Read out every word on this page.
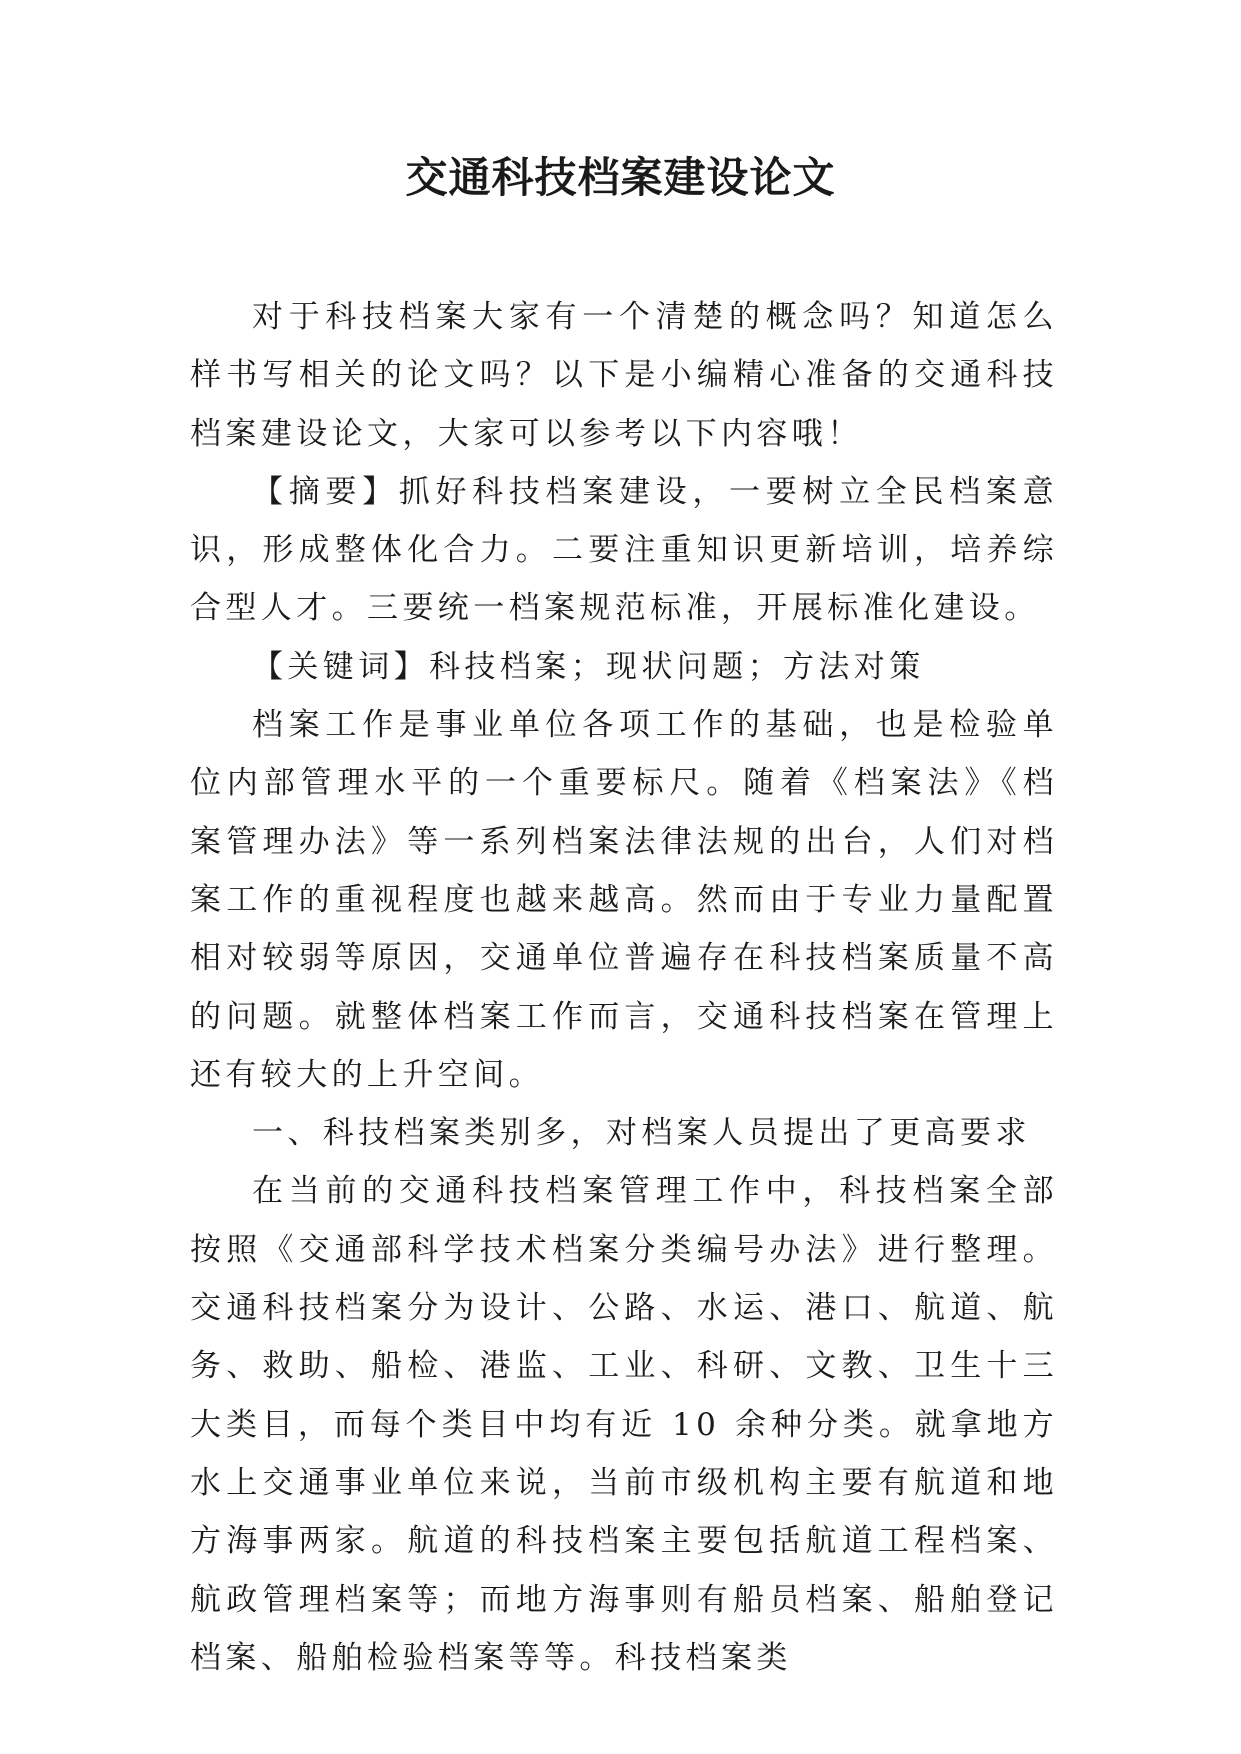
交通科技档案建设论文

对于科技档案大家有一个清楚的概念吗？知道怎么样书写相关的论文吗？以下是小编精心准备的交通科技档案建设论文，大家可以参考以下内容哦！

【摘要】抓好科技档案建设，一要树立全民档案意识，形成整体化合力。二要注重知识更新培训，培养综合型人才。三要统一档案规范标准，开展标准化建设。

【关键词】科技档案；现状问题；方法对策

档案工作是事业单位各项工作的基础，也是检验单位内部管理水平的一个重要标尺。随着《档案法》《档案管理办法》等一系列档案法律法规的出台，人们对档案工作的重视程度也越来越高。然而由于专业力量配置相对较弱等原因，交通单位普遍存在科技档案质量不高的问题。就整体档案工作而言，交通科技档案在管理上还有较大的上升空间。

一、科技档案类别多，对档案人员提出了更高要求

在当前的交通科技档案管理工作中，科技档案全部按照《交通部科学技术档案分类编号办法》进行整理。交通科技档案分为设计、公路、水运、港口、航道、航务、救助、船检、港监、工业、科研、文教、卫生十三大类目，而每个类目中均有近 10 余种分类。就拿地方水上交通事业单位来说，当前市级机构主要有航道和地方海事两家。航道的科技档案主要包括航道工程档案、航政管理档案等；而地方海事则有船员档案、船舶登记档案、船舶检验档案等等。科技档案类
